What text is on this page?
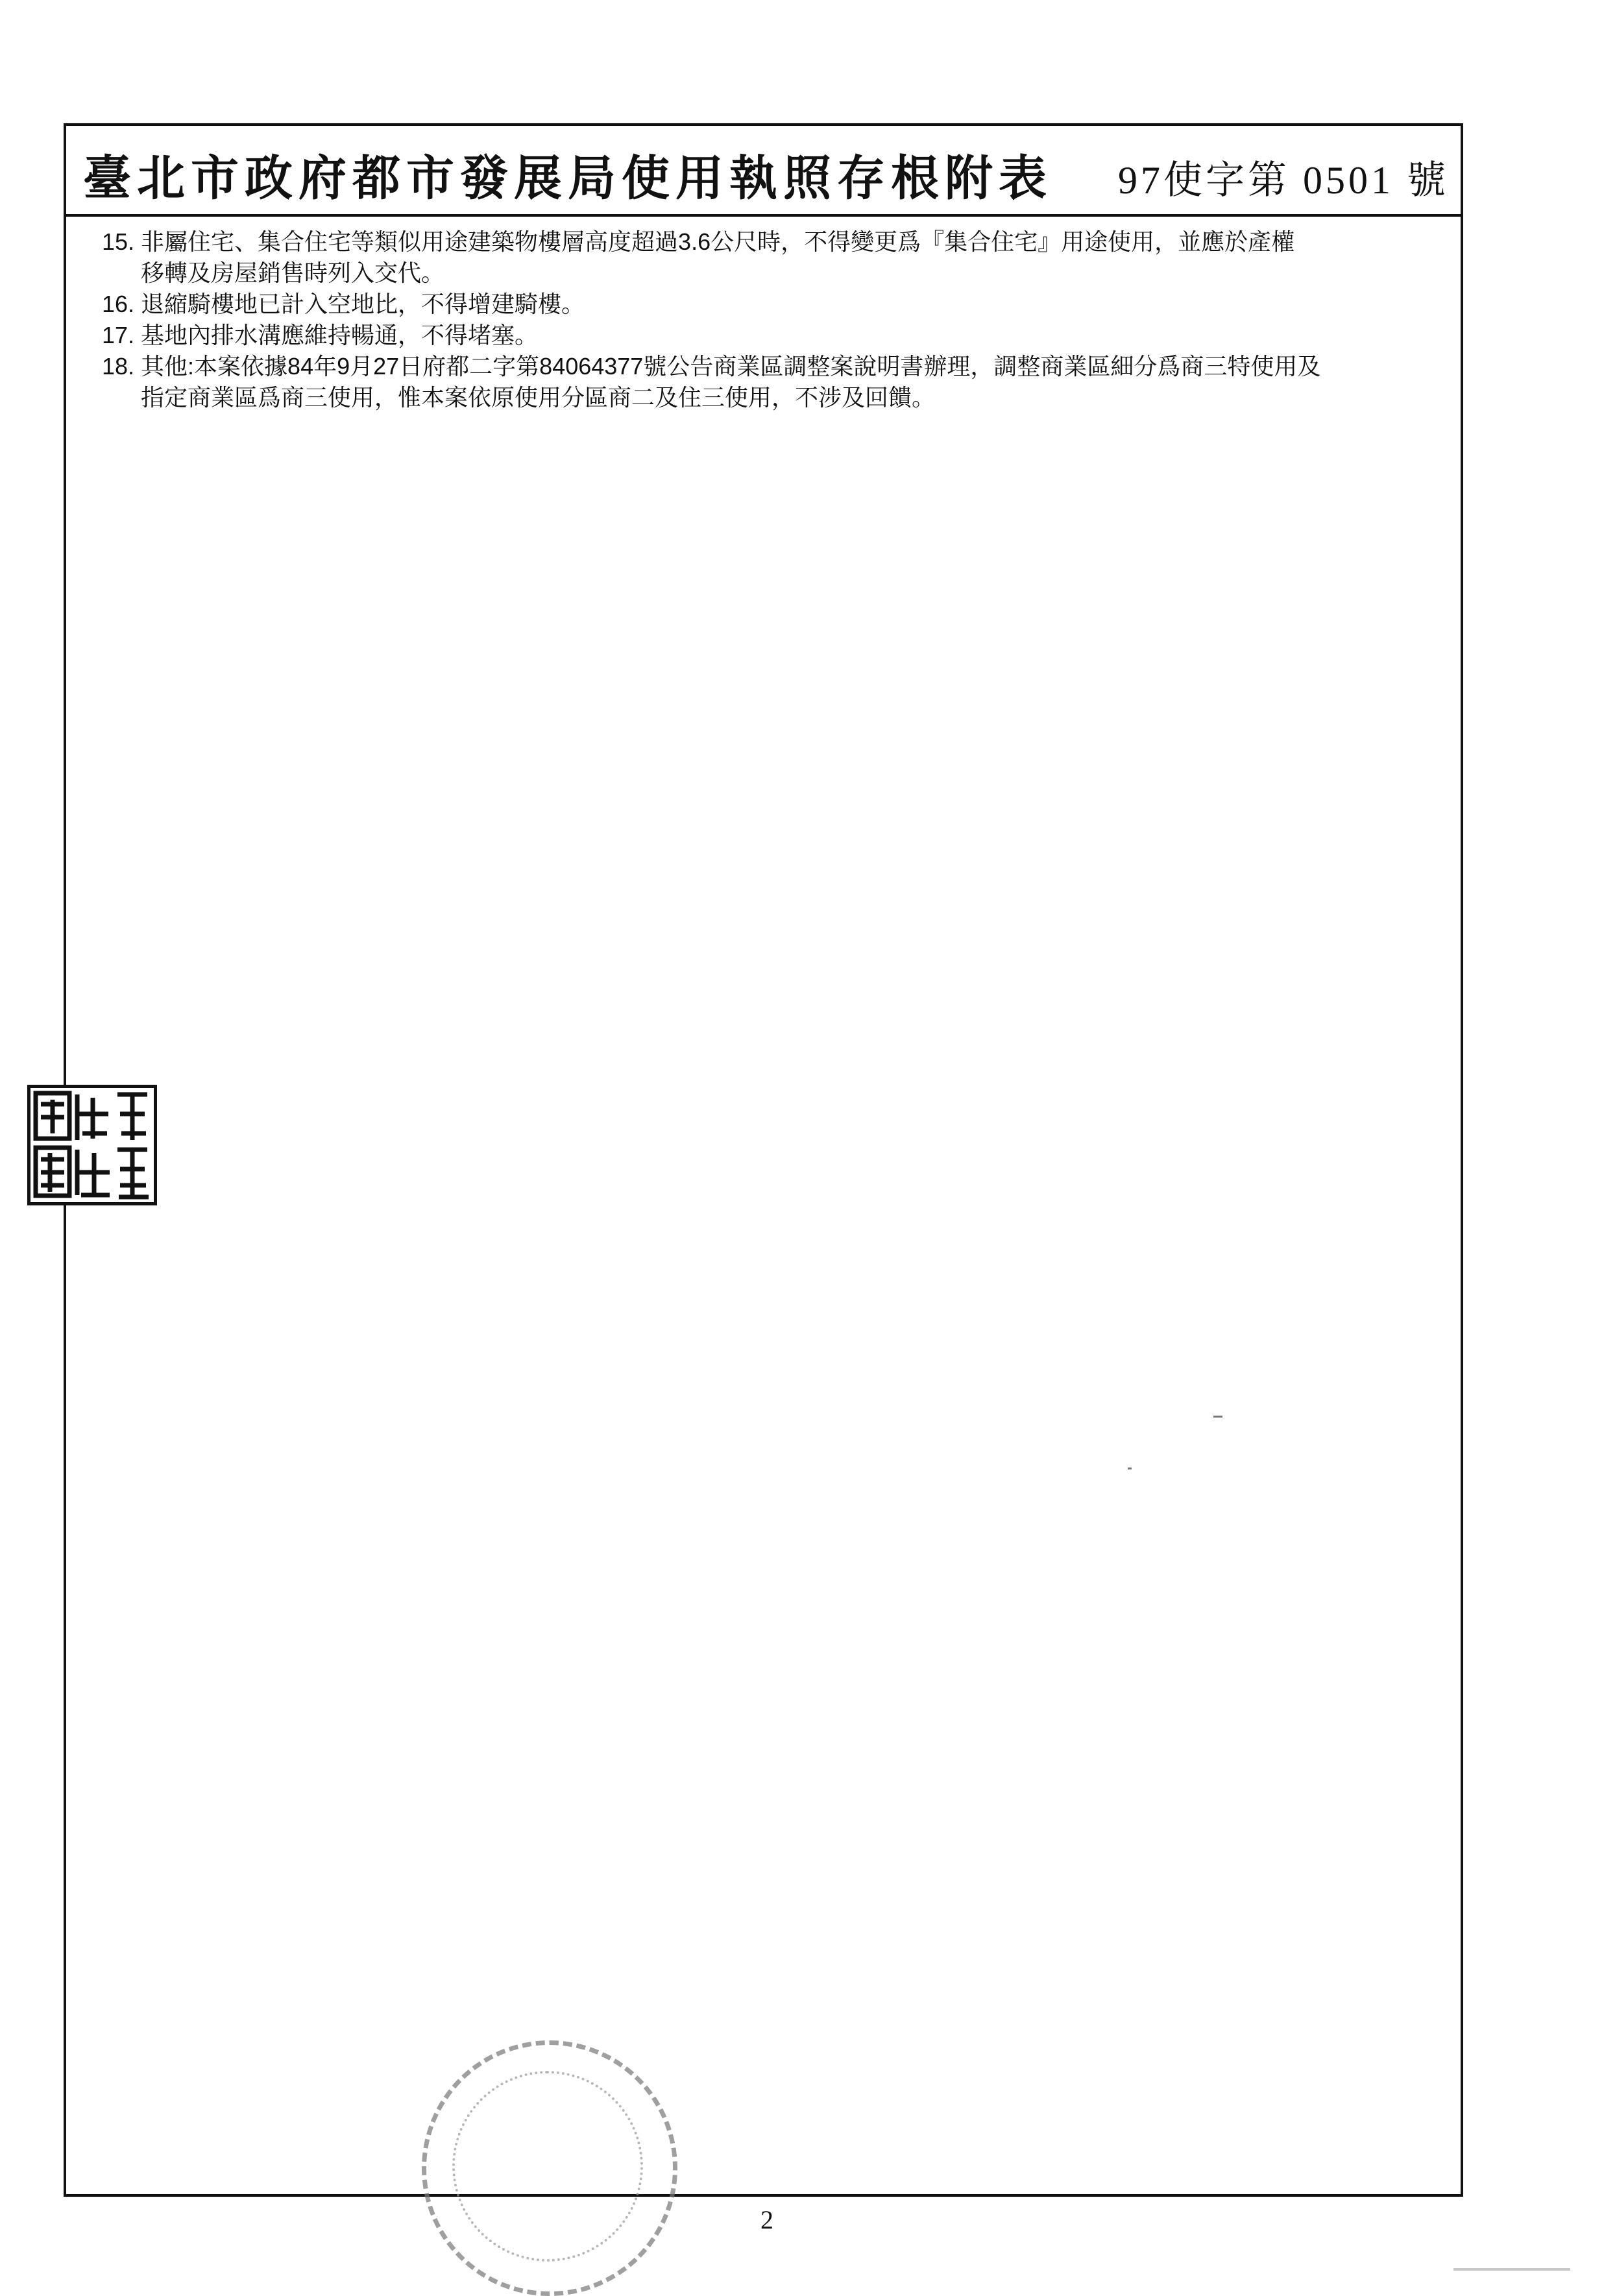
臺北市政府都市發展局使用執照存根附表 97使字第 0501 號
15. 非屬住宅、集合住宅等類似用途建築物樓層高度超過3.6公尺時，不得變更爲『集合住宅』用途使用，並應於產權
移轉及房屋銷售時列入交代。
16. 退縮騎樓地已計入空地比，不得增建騎樓。
17. 基地內排水溝應維持暢通，不得堵塞。
18. 其他:本案依據84年9月27日府都二字第84064377號公告商業區調整案說明書辦理，調整商業區細分爲商三特使用及
指定商業區爲商三使用，惟本案依原使用分區商二及住三使用，不涉及回饋。
2
